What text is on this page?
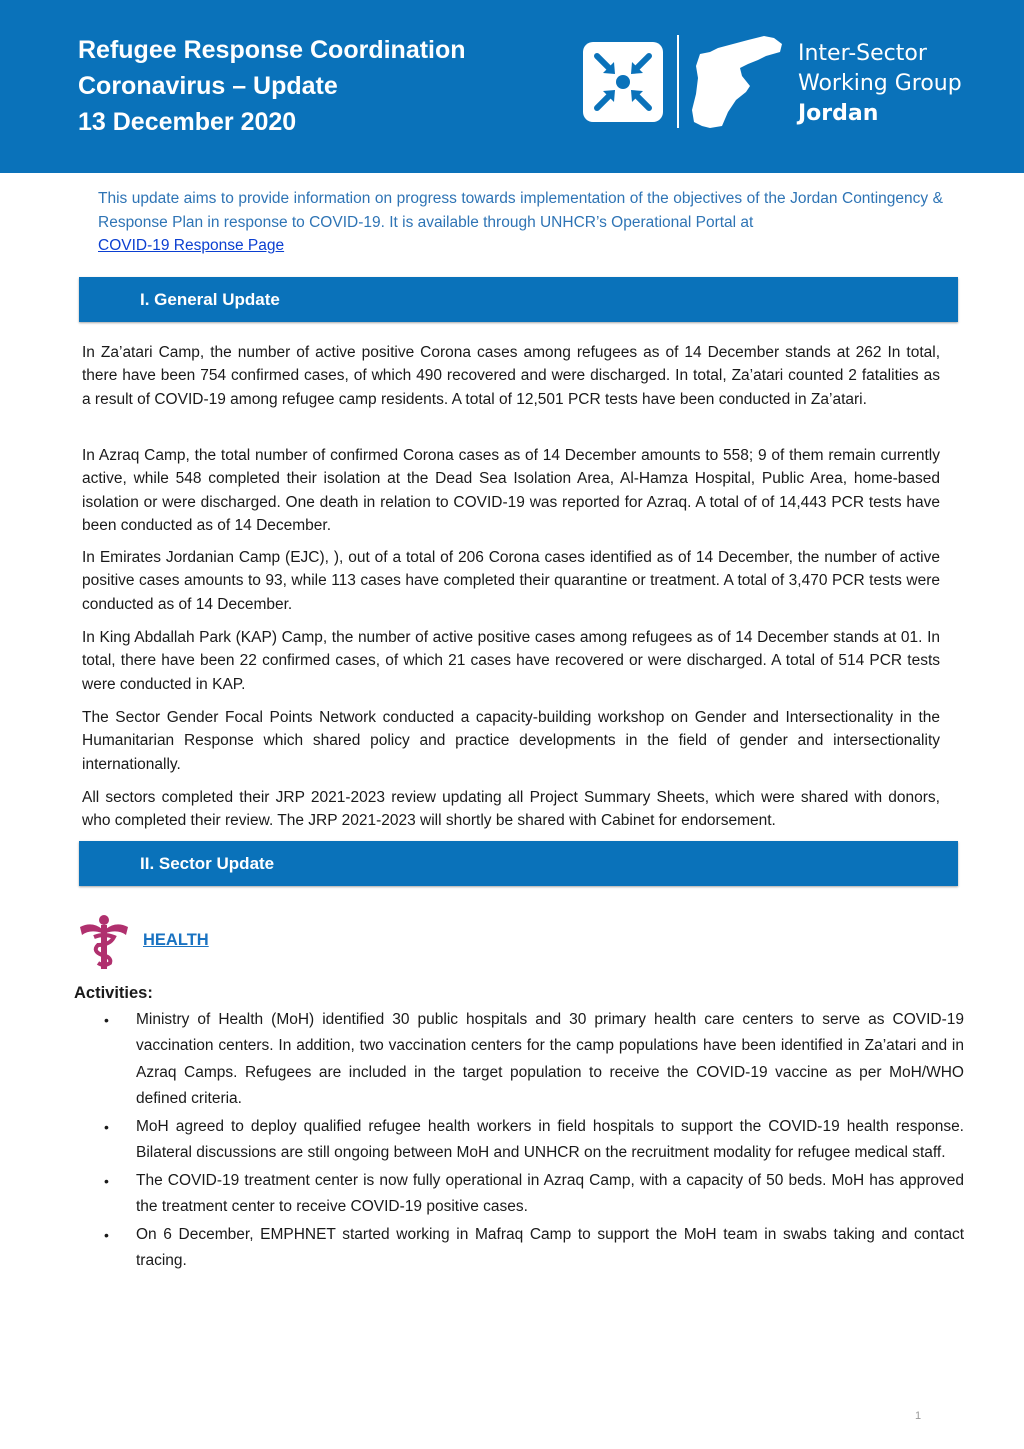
Refugee Response Coordination
Coronavirus – Update
13 December 2020
Inter-Sector
Working Group
Jordan
This update aims to provide information on progress towards implementation of the objectives of the Jordan Contingency & Response Plan in response to COVID-19. It is available through UNHCR’s Operational Portal at
COVID-19 Response Page
I. General Update

In Za’atari Camp, the number of active positive Corona cases among refugees as of 14 December stands at 262 In total, there have been 754 confirmed cases, of which 490 recovered and were discharged. In total, Za’atari counted 2 fatalities as a result of COVID-19 among refugee camp residents. A total of 12,501 PCR tests have been conducted in Za’atari.

In Azraq Camp, the total number of confirmed Corona cases as of 14 December amounts to 558; 9 of them remain currently active, while 548 completed their isolation at the Dead Sea Isolation Area, Al-Hamza Hospital, Public Area, home-based isolation or were discharged. One death in relation to COVID-19 was reported for Azraq. A total of of 14,443 PCR tests have been conducted as of 14 December.

In Emirates Jordanian Camp (EJC), ), out of a total of 206 Corona cases identified as of 14 December, the number of active positive cases amounts to 93, while 113 cases have completed their quarantine or treatment. A total of 3,470 PCR tests were conducted as of 14 December.

In King Abdallah Park (KAP) Camp, the number of active positive cases among refugees as of 14 December stands at 01. In total, there have been 22 confirmed cases, of which 21 cases have recovered or were discharged. A total of 514 PCR tests were conducted in KAP.

The Sector Gender Focal Points Network conducted a capacity-building workshop on Gender and Intersectionality in the Humanitarian Response which shared policy and practice developments in the field of gender and intersectionality internationally.

All sectors completed their JRP 2021-2023 review updating all Project Summary Sheets, which were shared with donors, who completed their review. The JRP 2021-2023 will shortly be shared with Cabinet for endorsement.

II. Sector Update
HEALTH
Activities:
• Ministry of Health (MoH) identified 30 public hospitals and 30 primary health care centers to serve as COVID-19 vaccination centers. In addition, two vaccination centers for the camp populations have been identified in Za’atari and in Azraq Camps. Refugees are included in the target population to receive the COVID-19 vaccine as per MoH/WHO defined criteria.
• MoH agreed to deploy qualified refugee health workers in field hospitals to support the COVID-19 health response. Bilateral discussions are still ongoing between MoH and UNHCR on the recruitment modality for refugee medical staff.
• The COVID-19 treatment center is now fully operational in Azraq Camp, with a capacity of 50 beds. MoH has approved the treatment center to receive COVID-19 positive cases.
• On 6 December, EMPHNET started working in Mafraq Camp to support the MoH team in swabs taking and contact tracing.
1
